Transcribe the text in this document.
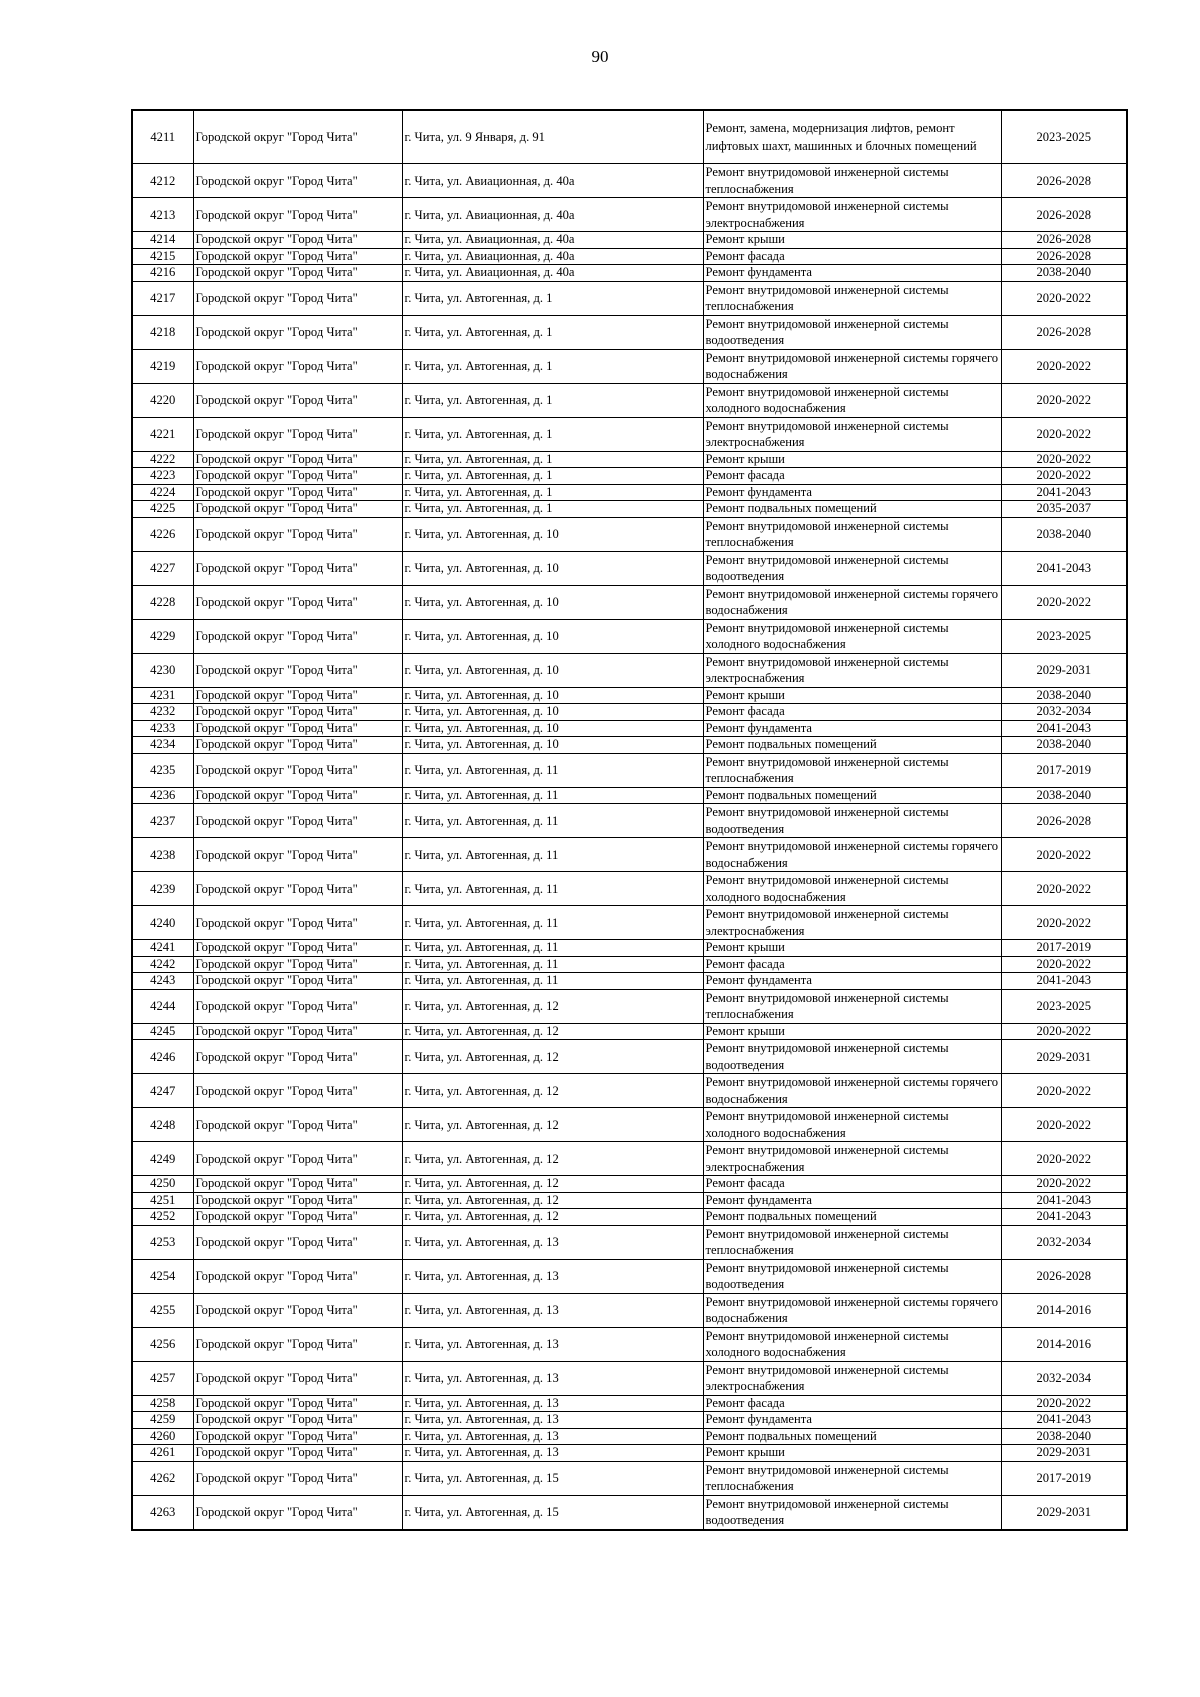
90
4211	Городской округ "Город Чита"	г. Чита, ул. 9 Января, д. 91	Ремонт, замена, модернизация лифтов, ремонт лифтовых шахт, машинных и блочных помещений	2023-2025
4212	Городской округ "Город Чита"	г. Чита, ул. Авиационная, д. 40а	Ремонт внутридомовой инженерной системы теплоснабжения	2026-2028
4213	Городской округ "Город Чита"	г. Чита, ул. Авиационная, д. 40а	Ремонт внутридомовой инженерной системы электроснабжения	2026-2028
4214	Городской округ "Город Чита"	г. Чита, ул. Авиационная, д. 40а	Ремонт крыши	2026-2028
4215	Городской округ "Город Чита"	г. Чита, ул. Авиационная, д. 40а	Ремонт фасада	2026-2028
4216	Городской округ "Город Чита"	г. Чита, ул. Авиационная, д. 40а	Ремонт фундамента	2038-2040
4217	Городской округ "Город Чита"	г. Чита, ул. Автогенная, д. 1	Ремонт внутридомовой инженерной системы теплоснабжения	2020-2022
4218	Городской округ "Город Чита"	г. Чита, ул. Автогенная, д. 1	Ремонт внутридомовой инженерной системы водоотведения	2026-2028
4219	Городской округ "Город Чита"	г. Чита, ул. Автогенная, д. 1	Ремонт внутридомовой инженерной системы горячего водоснабжения	2020-2022
4220	Городской округ "Город Чита"	г. Чита, ул. Автогенная, д. 1	Ремонт внутридомовой инженерной системы холодного водоснабжения	2020-2022
4221	Городской округ "Город Чита"	г. Чита, ул. Автогенная, д. 1	Ремонт внутридомовой инженерной системы электроснабжения	2020-2022
4222	Городской округ "Город Чита"	г. Чита, ул. Автогенная, д. 1	Ремонт крыши	2020-2022
4223	Городской округ "Город Чита"	г. Чита, ул. Автогенная, д. 1	Ремонт фасада	2020-2022
4224	Городской округ "Город Чита"	г. Чита, ул. Автогенная, д. 1	Ремонт фундамента	2041-2043
4225	Городской округ "Город Чита"	г. Чита, ул. Автогенная, д. 1	Ремонт подвальных помещений	2035-2037
4226	Городской округ "Город Чита"	г. Чита, ул. Автогенная, д. 10	Ремонт внутридомовой инженерной системы теплоснабжения	2038-2040
4227	Городской округ "Город Чита"	г. Чита, ул. Автогенная, д. 10	Ремонт внутридомовой инженерной системы водоотведения	2041-2043
4228	Городской округ "Город Чита"	г. Чита, ул. Автогенная, д. 10	Ремонт внутридомовой инженерной системы горячего водоснабжения	2020-2022
4229	Городской округ "Город Чита"	г. Чита, ул. Автогенная, д. 10	Ремонт внутридомовой инженерной системы холодного водоснабжения	2023-2025
4230	Городской округ "Город Чита"	г. Чита, ул. Автогенная, д. 10	Ремонт внутридомовой инженерной системы электроснабжения	2029-2031
4231	Городской округ "Город Чита"	г. Чита, ул. Автогенная, д. 10	Ремонт крыши	2038-2040
4232	Городской округ "Город Чита"	г. Чита, ул. Автогенная, д. 10	Ремонт фасада	2032-2034
4233	Городской округ "Город Чита"	г. Чита, ул. Автогенная, д. 10	Ремонт фундамента	2041-2043
4234	Городской округ "Город Чита"	г. Чита, ул. Автогенная, д. 10	Ремонт подвальных помещений	2038-2040
4235	Городской округ "Город Чита"	г. Чита, ул. Автогенная, д. 11	Ремонт внутридомовой инженерной системы теплоснабжения	2017-2019
4236	Городской округ "Город Чита"	г. Чита, ул. Автогенная, д. 11	Ремонт подвальных помещений	2038-2040
4237	Городской округ "Город Чита"	г. Чита, ул. Автогенная, д. 11	Ремонт внутридомовой инженерной системы водоотведения	2026-2028
4238	Городской округ "Город Чита"	г. Чита, ул. Автогенная, д. 11	Ремонт внутридомовой инженерной системы горячего водоснабжения	2020-2022
4239	Городской округ "Город Чита"	г. Чита, ул. Автогенная, д. 11	Ремонт внутридомовой инженерной системы холодного водоснабжения	2020-2022
4240	Городской округ "Город Чита"	г. Чита, ул. Автогенная, д. 11	Ремонт внутридомовой инженерной системы электроснабжения	2020-2022
4241	Городской округ "Город Чита"	г. Чита, ул. Автогенная, д. 11	Ремонт крыши	2017-2019
4242	Городской округ "Город Чита"	г. Чита, ул. Автогенная, д. 11	Ремонт фасада	2020-2022
4243	Городской округ "Город Чита"	г. Чита, ул. Автогенная, д. 11	Ремонт фундамента	2041-2043
4244	Городской округ "Город Чита"	г. Чита, ул. Автогенная, д. 12	Ремонт внутридомовой инженерной системы теплоснабжения	2023-2025
4245	Городской округ "Город Чита"	г. Чита, ул. Автогенная, д. 12	Ремонт крыши	2020-2022
4246	Городской округ "Город Чита"	г. Чита, ул. Автогенная, д. 12	Ремонт внутридомовой инженерной системы водоотведения	2029-2031
4247	Городской округ "Город Чита"	г. Чита, ул. Автогенная, д. 12	Ремонт внутридомовой инженерной системы горячего водоснабжения	2020-2022
4248	Городской округ "Город Чита"	г. Чита, ул. Автогенная, д. 12	Ремонт внутридомовой инженерной системы холодного водоснабжения	2020-2022
4249	Городской округ "Город Чита"	г. Чита, ул. Автогенная, д. 12	Ремонт внутридомовой инженерной системы электроснабжения	2020-2022
4250	Городской округ "Город Чита"	г. Чита, ул. Автогенная, д. 12	Ремонт фасада	2020-2022
4251	Городской округ "Город Чита"	г. Чита, ул. Автогенная, д. 12	Ремонт фундамента	2041-2043
4252	Городской округ "Город Чита"	г. Чита, ул. Автогенная, д. 12	Ремонт подвальных помещений	2041-2043
4253	Городской округ "Город Чита"	г. Чита, ул. Автогенная, д. 13	Ремонт внутридомовой инженерной системы теплоснабжения	2032-2034
4254	Городской округ "Город Чита"	г. Чита, ул. Автогенная, д. 13	Ремонт внутридомовой инженерной системы водоотведения	2026-2028
4255	Городской округ "Город Чита"	г. Чита, ул. Автогенная, д. 13	Ремонт внутридомовой инженерной системы горячего водоснабжения	2014-2016
4256	Городской округ "Город Чита"	г. Чита, ул. Автогенная, д. 13	Ремонт внутридомовой инженерной системы холодного водоснабжения	2014-2016
4257	Городской округ "Город Чита"	г. Чита, ул. Автогенная, д. 13	Ремонт внутридомовой инженерной системы электроснабжения	2032-2034
4258	Городской округ "Город Чита"	г. Чита, ул. Автогенная, д. 13	Ремонт фасада	2020-2022
4259	Городской округ "Город Чита"	г. Чита, ул. Автогенная, д. 13	Ремонт фундамента	2041-2043
4260	Городской округ "Город Чита"	г. Чита, ул. Автогенная, д. 13	Ремонт подвальных помещений	2038-2040
4261	Городской округ "Город Чита"	г. Чита, ул. Автогенная, д. 13	Ремонт крыши	2029-2031
4262	Городской округ "Город Чита"	г. Чита, ул. Автогенная, д. 15	Ремонт внутридомовой инженерной системы теплоснабжения	2017-2019
4263	Городской округ "Город Чита"	г. Чита, ул. Автогенная, д. 15	Ремонт внутридомовой инженерной системы водоотведения	2029-2031
